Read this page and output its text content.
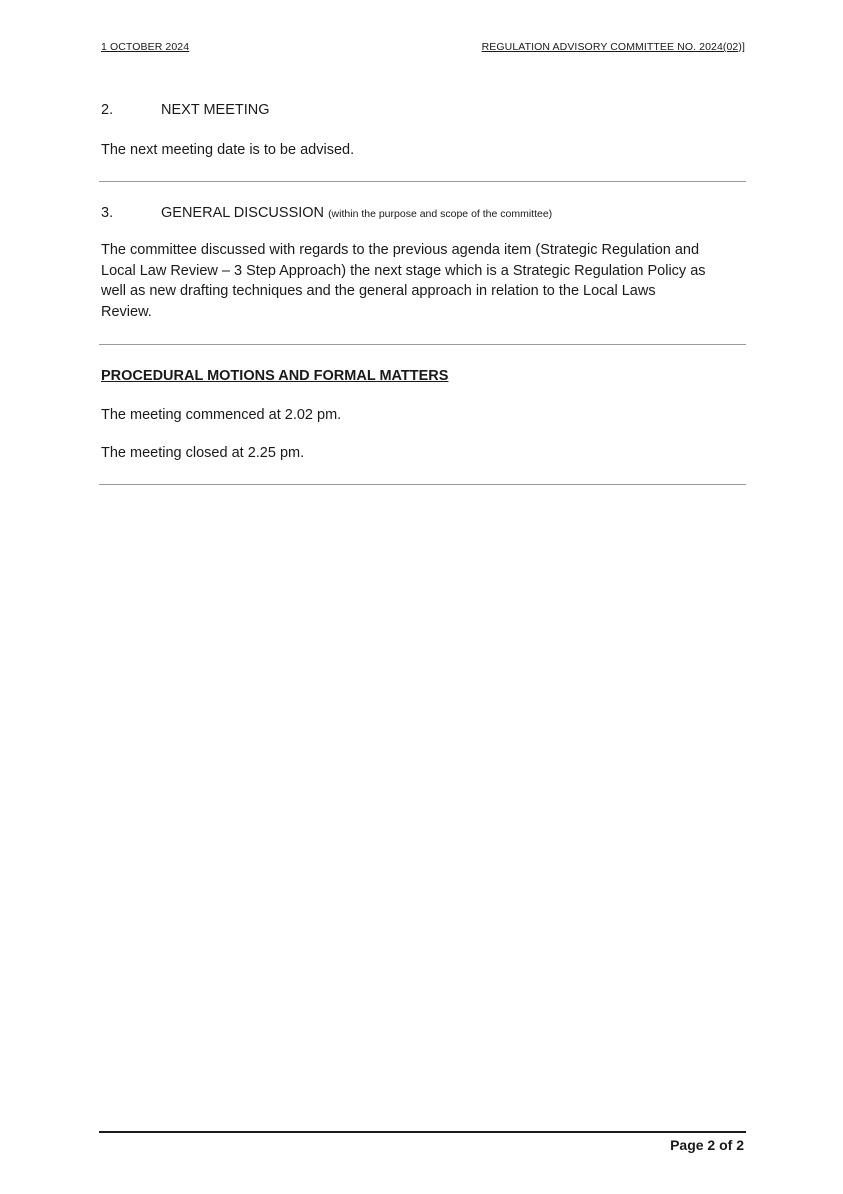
1 OCTOBER 2024	REGULATION ADVISORY COMMITTEE NO. 2024(02)]
2.	NEXT MEETING
The next meeting date is to be advised.
3.	GENERAL DISCUSSION (within the purpose and scope of the committee)
The committee discussed with regards to the previous agenda item (Strategic Regulation and
Local Law Review – 3 Step Approach) the next stage which is a Strategic Regulation Policy as
well as new drafting techniques and the general approach in relation to the Local Laws
Review.
PROCEDURAL MOTIONS AND FORMAL MATTERS
The meeting commenced at 2.02 pm.
The meeting closed at 2.25 pm.
Page 2 of 2
